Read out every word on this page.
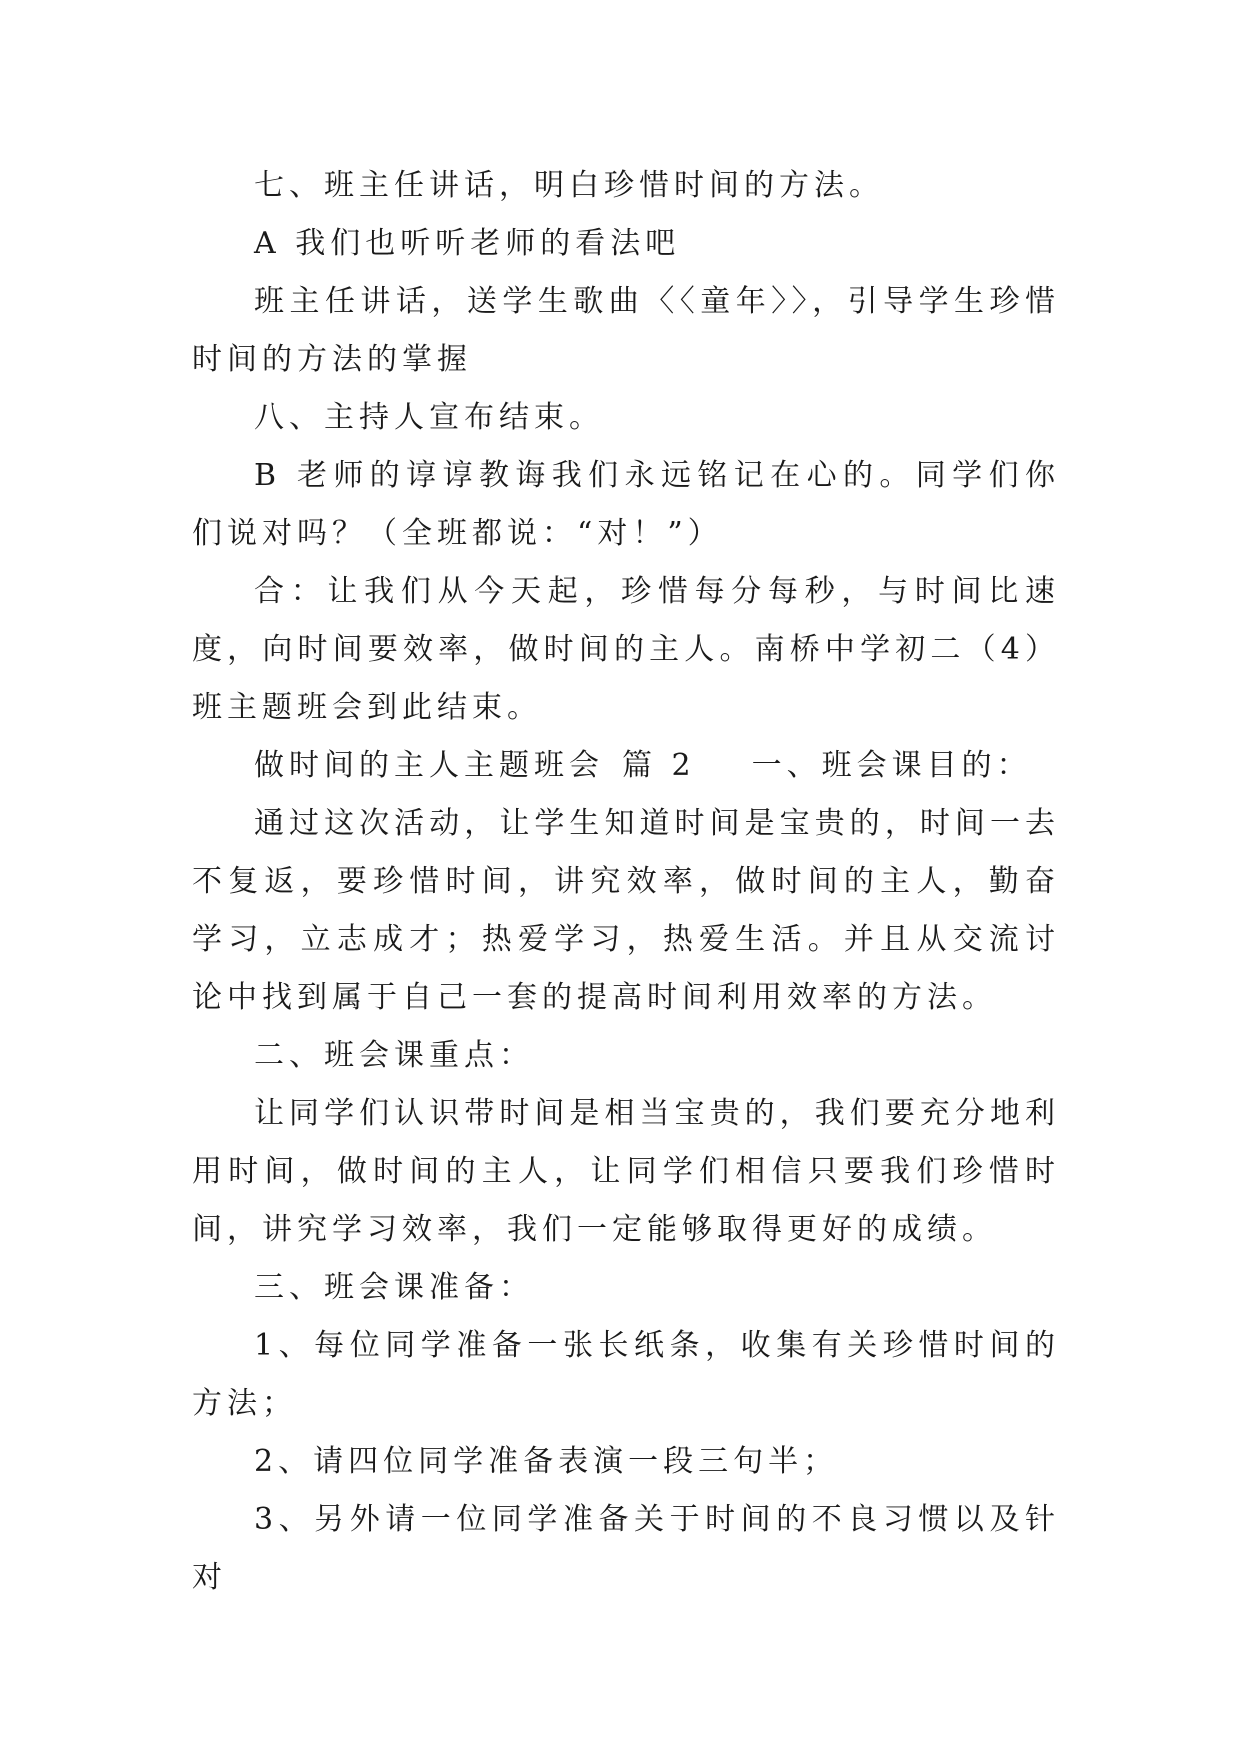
七、班主任讲话，明白珍惜时间的方法。

A 我们也听听老师的看法吧

班主任讲话，送学生歌曲〈〈童年〉〉，引导学生珍惜时间的方法的掌握

八、主持人宣布结束。

B 老师的谆谆教诲我们永远铭记在心的。同学们你们说对吗？（全班都说：“对！”）

合：让我们从今天起，珍惜每分每秒，与时间比速度，向时间要效率，做时间的主人。南桥中学初二（4）班主题班会到此结束。

做时间的主人主题班会 篇 2 一、班会课目的：

通过这次活动，让学生知道时间是宝贵的，时间一去不复返，要珍惜时间，讲究效率，做时间的主人，勤奋学习，立志成才；热爱学习，热爱生活。并且从交流讨论中找到属于自己一套的提高时间利用效率的方法。

二、班会课重点：

让同学们认识带时间是相当宝贵的，我们要充分地利用时间，做时间的主人，让同学们相信只要我们珍惜时间，讲究学习效率，我们一定能够取得更好的成绩。

三、班会课准备：

1、每位同学准备一张长纸条，收集有关珍惜时间的方法；

2、请四位同学准备表演一段三句半；

3、另外请一位同学准备关于时间的不良习惯以及针对
